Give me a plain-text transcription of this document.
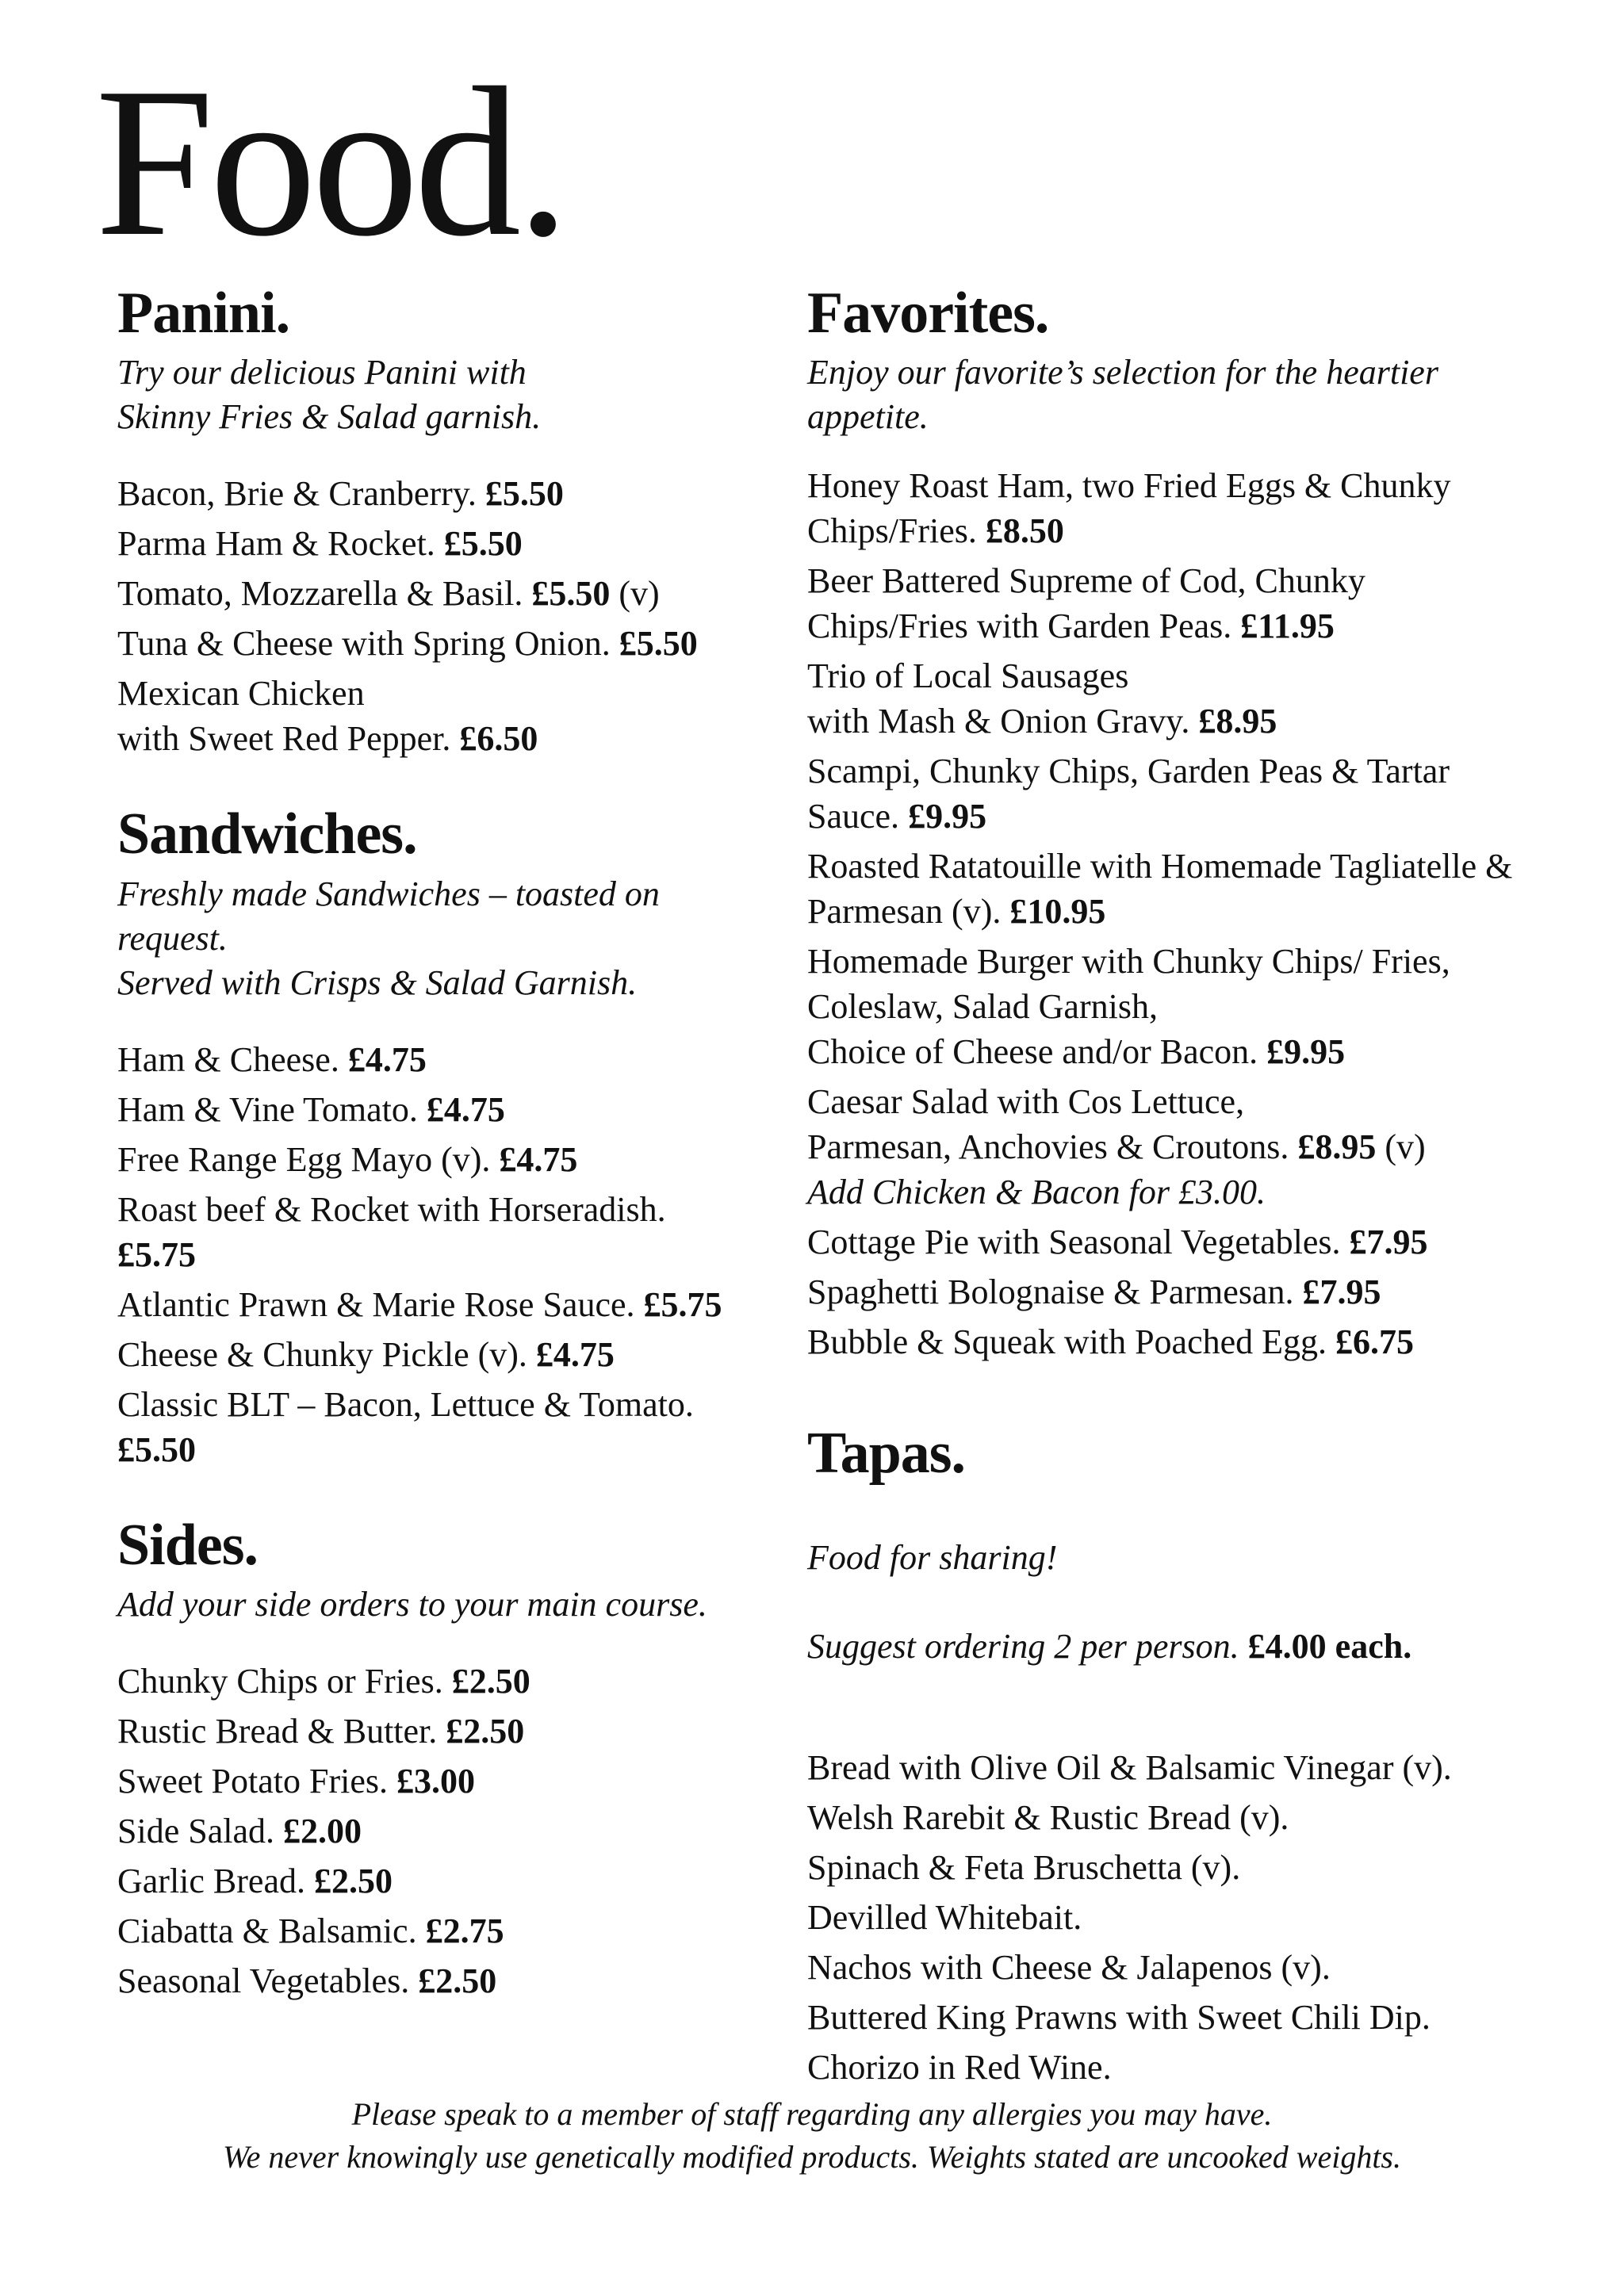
Food.
Panini.
Try our delicious Panini with
Skinny Fries & Salad garnish.
Bacon, Brie & Cranberry. £5.50
Parma Ham & Rocket. £5.50
Tomato, Mozzarella & Basil. £5.50 (v)
Tuna & Cheese with Spring Onion. £5.50
Mexican Chicken
with Sweet Red Pepper. £6.50
Sandwiches.
Freshly made Sandwiches – toasted on
request.
Served with Crisps & Salad Garnish.
Ham & Cheese. £4.75
Ham & Vine Tomato. £4.75
Free Range Egg Mayo (v). £4.75
Roast beef & Rocket with Horseradish.
£5.75
Atlantic Prawn & Marie Rose Sauce. £5.75
Cheese & Chunky Pickle (v). £4.75
Classic BLT – Bacon, Lettuce & Tomato.
£5.50
Sides.
Add your side orders to your main course.
Chunky Chips or Fries. £2.50
Rustic Bread & Butter. £2.50
Sweet Potato Fries. £3.00
Side Salad. £2.00
Garlic Bread. £2.50
Ciabatta & Balsamic. £2.75
Seasonal Vegetables. £2.50
Favorites.
Enjoy our favorite’s selection for the heartier
appetite.
Honey Roast Ham, two Fried Eggs & Chunky
Chips/Fries. £8.50
Beer Battered Supreme of Cod, Chunky
Chips/Fries with Garden Peas. £11.95
Trio of Local Sausages
with Mash & Onion Gravy. £8.95
Scampi, Chunky Chips, Garden Peas & Tartar
Sauce. £9.95
Roasted Ratatouille with Homemade Tagliatelle &
Parmesan (v). £10.95
Homemade Burger with Chunky Chips/ Fries,
Coleslaw, Salad Garnish,
Choice of Cheese and/or Bacon. £9.95
Caesar Salad with Cos Lettuce,
Parmesan, Anchovies & Croutons. £8.95 (v)
Add Chicken & Bacon for £3.00.
Cottage Pie with Seasonal Vegetables. £7.95
Spaghetti Bolognaise & Parmesan. £7.95
Bubble & Squeak with Poached Egg. £6.75
Tapas.

Food for sharing!

Suggest ordering 2 per person. £4.00 each.

Bread with Olive Oil & Balsamic Vinegar (v).
Welsh Rarebit & Rustic Bread (v).
Spinach & Feta Bruschetta (v).
Devilled Whitebait.
Nachos with Cheese & Jalapenos (v).
Buttered King Prawns with Sweet Chili Dip.
Chorizo in Red Wine.
Please speak to a member of staff regarding any allergies you may have.
We never knowingly use genetically modified products. Weights stated are uncooked weights.
